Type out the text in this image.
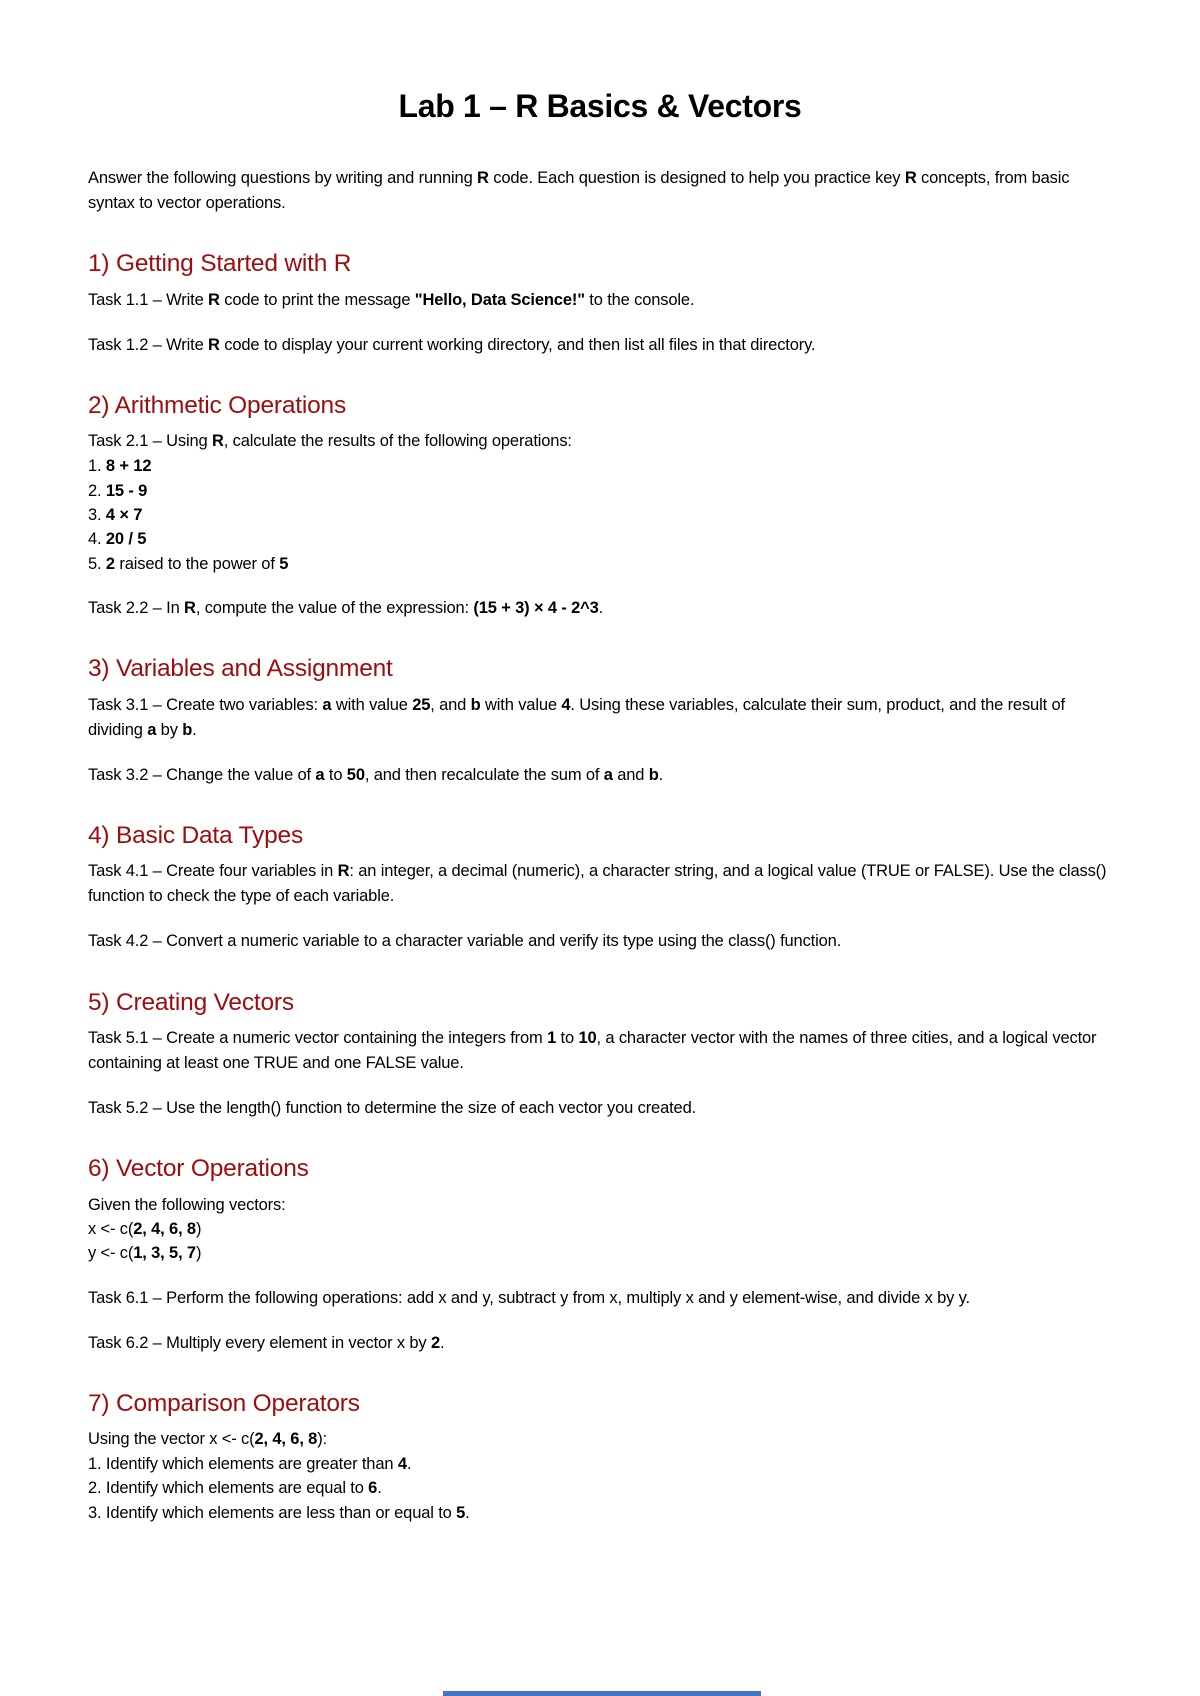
Lab 1 – R Basics & Vectors

Answer the following questions by writing and running R code. Each question is designed to help you practice key R concepts, from basic syntax to vector operations.

1) Getting Started with R

Task 1.1 – Write R code to print the message "Hello, Data Science!" to the console.

Task 1.2 – Write R code to display your current working directory, and then list all files in that directory.

2) Arithmetic Operations

Task 2.1 – Using R, calculate the results of the following operations:

1. 8 + 12
2. 15 - 9
3. 4 × 7
4. 20 / 5
5. 2 raised to the power of 5

Task 2.2 – In R, compute the value of the expression: (15 + 3) × 4 - 2^3.

3) Variables and Assignment

Task 3.1 – Create two variables: a with value 25, and b with value 4. Using these variables, calculate their sum, product, and the result of dividing a by b.

Task 3.2 – Change the value of a to 50, and then recalculate the sum of a and b.

4) Basic Data Types

Task 4.1 – Create four variables in R: an integer, a decimal (numeric), a character string, and a logical value (TRUE or FALSE). Use the class() function to check the type of each variable.

Task 4.2 – Convert a numeric variable to a character variable and verify its type using the class() function.

5) Creating Vectors

Task 5.1 – Create a numeric vector containing the integers from 1 to 10, a character vector with the names of three cities, and a logical vector containing at least one TRUE and one FALSE value.

Task 5.2 – Use the length() function to determine the size of each vector you created.

6) Vector Operations
Given the following vectors:
x <- c(2, 4, 6, 8)
y <- c(1, 3, 5, 7)

Task 6.1 – Perform the following operations: add x and y, subtract y from x, multiply x and y element-wise, and divide x by y.

Task 6.2 – Multiply every element in vector x by 2.

7) Comparison Operators
Using the vector x <- c(2, 4, 6, 8):
1. Identify which elements are greater than 4.
2. Identify which elements are equal to 6.
3. Identify which elements are less than or equal to 5.
